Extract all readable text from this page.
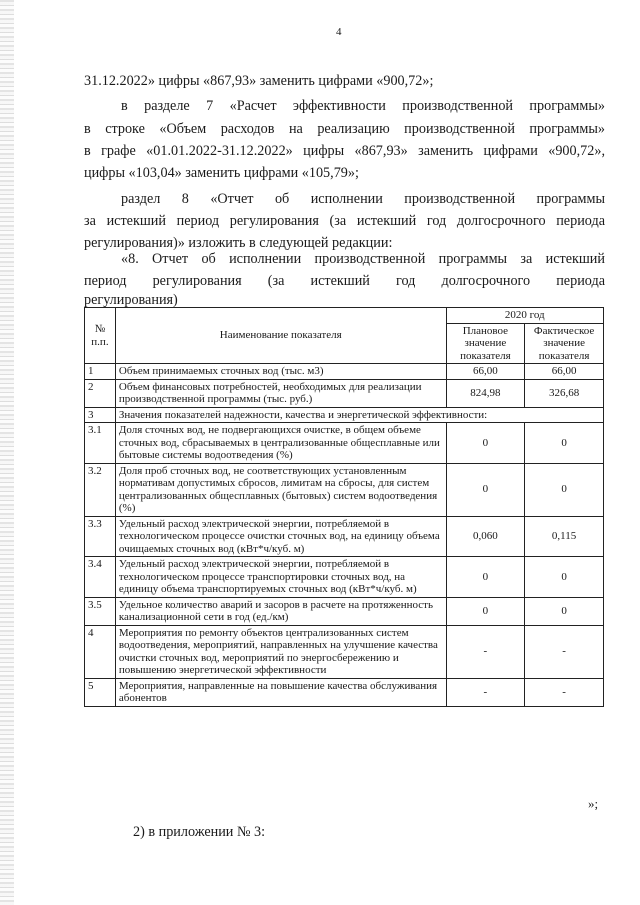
4
31.12.2022» цифры «867,93» заменить цифрами «900,72»;
в разделе 7 «Расчет эффективности производственной программы»
в строке «Объем расходов на реализацию производственной программы»
в графе «01.01.2022-31.12.2022» цифры «867,93» заменить цифрами «900,72»,
цифры «103,04» заменить цифрами «105,79»;
раздел 8 «Отчет об исполнении производственной программы
за истекший период регулирования (за истекший год долгосрочного периода
регулирования)» изложить в следующей редакции:
«8. Отчет об исполнении производственной программы за истекший
период регулирования (за истекший год долгосрочного периода
регулирования)
№ п.п.	Наименование показателя	2020 год	
		Плановое значение показателя	Фактическое значение показателя
1	Объем принимаемых сточных вод (тыс. м3)	66,00	66,00
2	Объем финансовых потребностей, необходимых для реализации производственной программы (тыс. руб.)	824,98	326,68
3	Значения показателей надежности, качества и энергетической эффективности:		
3.1	Доля сточных вод, не подвергающихся очистке, в общем объеме сточных вод, сбрасываемых в централизованные общесплавные или бытовые системы водоотведения (%)	0	0
3.2	Доля проб сточных вод, не соответствующих установленным нормативам допустимых сбросов, лимитам на сбросы, для систем централизованных общесплавных (бытовых) систем водоотведения (%)	0	0
3.3	Удельный расход электрической энергии, потребляемой в технологическом процессе очистки сточных вод, на единицу объема очищаемых сточных вод (кВт*ч/куб. м)	0,060	0,115
3.4	Удельный расход электрической энергии, потребляемой в технологическом процессе транспортировки сточных вод, на единицу объема транспортируемых сточных вод (кВт*ч/куб. м)	0	0
3.5	Удельное количество аварий и засоров в расчете на протяженность канализационной сети в год (ед./км)	0	0
4	Мероприятия по ремонту объектов централизованных систем водоотведения, мероприятий, направленных на улучшение качества очистки сточных вод, мероприятий по энергосбережению и повышению энергетической эффективности	-	-
5	Мероприятия, направленные на повышение качества обслуживания абонентов	-	-
»;
2) в приложении № 3:
